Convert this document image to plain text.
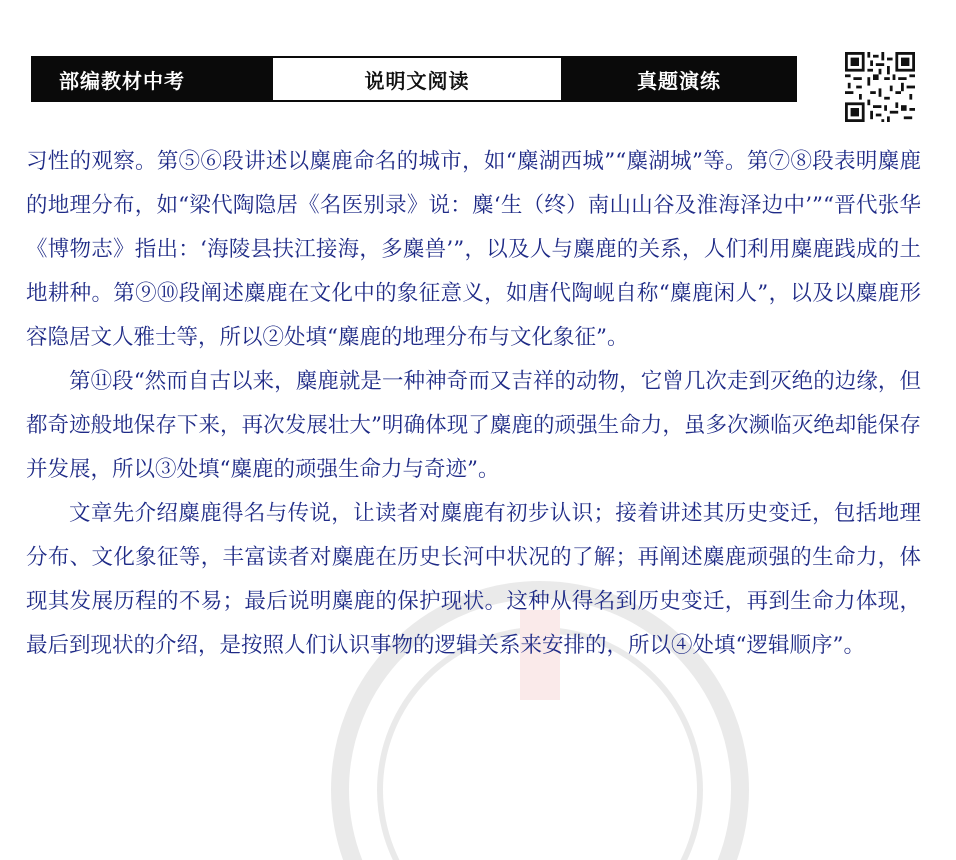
部编教材中考	说明文阅读	真题演练

习性的观察。第⑤⑥段讲述以麋鹿命名的城市，如“麋湖西城”“麋湖城”等。第⑦⑧段表明麋鹿的地理分布，如“梁代陶隐居《名医别录》说：麋‘生（终）南山山谷及淮海泽边中’”“晋代张华《博物志》指出：‘海陵县扶江接海，多麋兽’”，以及人与麋鹿的关系，人们利用麋鹿践成的土地耕种。第⑨⑩段阐述麋鹿在文化中的象征意义，如唐代陶岘自称“麋鹿闲人”，以及以麋鹿形容隐居文人雅士等，所以②处填“麋鹿的地理分布与文化象征”。

第⑪段“然而自古以来，麋鹿就是一种神奇而又吉祥的动物，它曾几次走到灭绝的边缘，但都奇迹般地保存下来，再次发展壮大”明确体现了麋鹿的顽强生命力，虽多次濒临灭绝却能保存并发展，所以③处填“麋鹿的顽强生命力与奇迹”。

文章先介绍麋鹿得名与传说，让读者对麋鹿有初步认识；接着讲述其历史变迁，包括地理分布、文化象征等，丰富读者对麋鹿在历史长河中状况的了解；再阐述麋鹿顽强的生命力，体现其发展历程的不易；最后说明麋鹿的保护现状。这种从得名到历史变迁，再到生命力体现，最后到现状的介绍，是按照人们认识事物的逻辑关系来安排的，所以④处填“逻辑顺序”。
